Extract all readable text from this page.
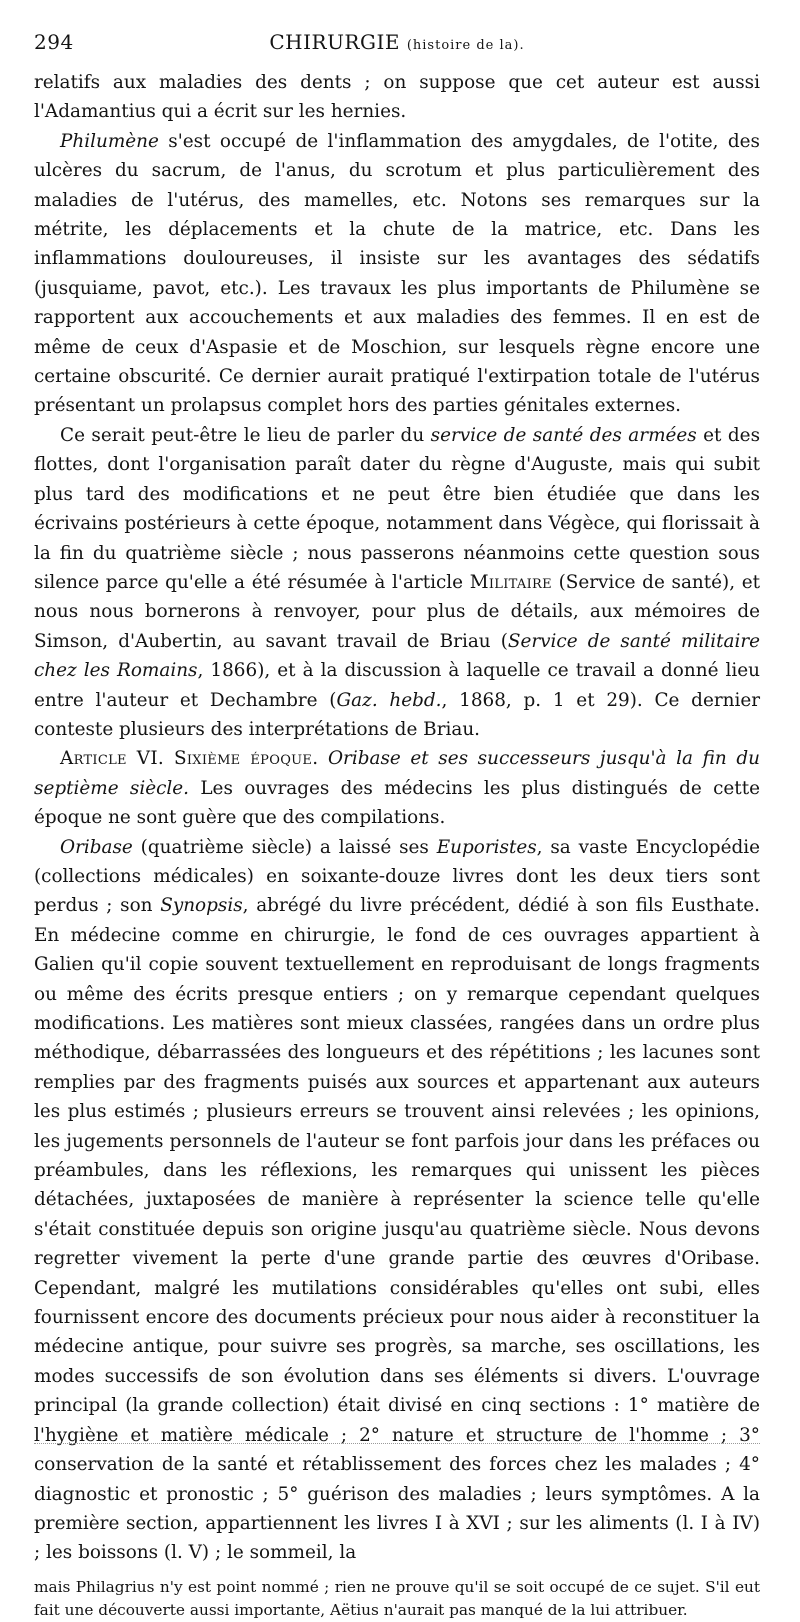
294	CHIRURGIE (histoire de la).

relatifs aux maladies des dents ; on suppose que cet auteur est aussi l'Adamantius qui a écrit sur les hernies.

Philumène s'est occupé de l'inflammation des amygdales, de l'otite, des ulcères du sacrum, de l'anus, du scrotum et plus particulièrement des maladies de l'utérus, des mamelles, etc. Notons ses remarques sur la métrite, les déplacements et la chute de la matrice, etc. Dans les inflammations douloureuses, il insiste sur les avantages des sédatifs (jusquiame, pavot, etc.). Les travaux les plus importants de Philumène se rapportent aux accouchements et aux maladies des femmes. Il en est de même de ceux d'Aspasie et de Moschion, sur lesquels règne encore une certaine obscurité. Ce dernier aurait pratiqué l'extirpation totale de l'utérus présentant un prolapsus complet hors des parties génitales externes.

Ce serait peut-être le lieu de parler du service de santé des armées et des flottes, dont l'organisation paraît dater du règne d'Auguste, mais qui subit plus tard des modifications et ne peut être bien étudiée que dans les écrivains postérieurs à cette époque, notamment dans Végèce, qui florissait à la fin du quatrième siècle ; nous passerons néanmoins cette question sous silence parce qu'elle a été résumée à l'article Militaire (Service de santé), et nous nous bornerons à renvoyer, pour plus de détails, aux mémoires de Simson, d'Aubertin, au savant travail de Briau (Service de santé militaire chez les Romains, 1866), et à la discussion à laquelle ce travail a donné lieu entre l'auteur et Dechambre (Gaz. hebd., 1868, p. 1 et 29). Ce dernier conteste plusieurs des interprétations de Briau.

Article VI. Sixième époque. Oribase et ses successeurs jusqu'à la fin du septième siècle. Les ouvrages des médecins les plus distingués de cette époque ne sont guère que des compilations.

Oribase (quatrième siècle) a laissé ses Euporistes, sa vaste Encyclopédie (collections médicales) en soixante-douze livres dont les deux tiers sont perdus ; son Synopsis, abrégé du livre précédent, dédié à son fils Eusthate. En médecine comme en chirurgie, le fond de ces ouvrages appartient à Galien qu'il copie souvent textuellement en reproduisant de longs fragments ou même des écrits presque entiers ; on y remarque cependant quelques modifications. Les matières sont mieux classées, rangées dans un ordre plus méthodique, débarrassées des longueurs et des répétitions ; les lacunes sont remplies par des fragments puisés aux sources et appartenant aux auteurs les plus estimés ; plusieurs erreurs se trouvent ainsi relevées ; les opinions, les jugements personnels de l'auteur se font parfois jour dans les préfaces ou préambules, dans les réflexions, les remarques qui unissent les pièces détachées, juxtaposées de manière à représenter la science telle qu'elle s'était constituée depuis son origine jusqu'au quatrième siècle. Nous devons regretter vivement la perte d'une grande partie des œuvres d'Oribase. Cependant, malgré les mutilations considérables qu'elles ont subi, elles fournissent encore des documents précieux pour nous aider à reconstituer la médecine antique, pour suivre ses progrès, sa marche, ses oscillations, les modes successifs de son évolution dans ses éléments si divers. L'ouvrage principal (la grande collection) était divisé en cinq sections : 1° matière de l'hygiène et matière médicale ; 2° nature et structure de l'homme ; 3° conservation de la santé et rétablissement des forces chez les malades ; 4° diagnostic et pronostic ; 5° guérison des maladies ; leurs symptômes. A la première section, appartiennent les livres I à XVI ; sur les aliments (l. I à IV) ; les boissons (l. V) ; le sommeil, la

mais Philagrius n'y est point nommé ; rien ne prouve qu'il se soit occupé de ce sujet. S'il eut fait une découverte aussi importante, Aëtius n'aurait pas manqué de la lui attribuer.
